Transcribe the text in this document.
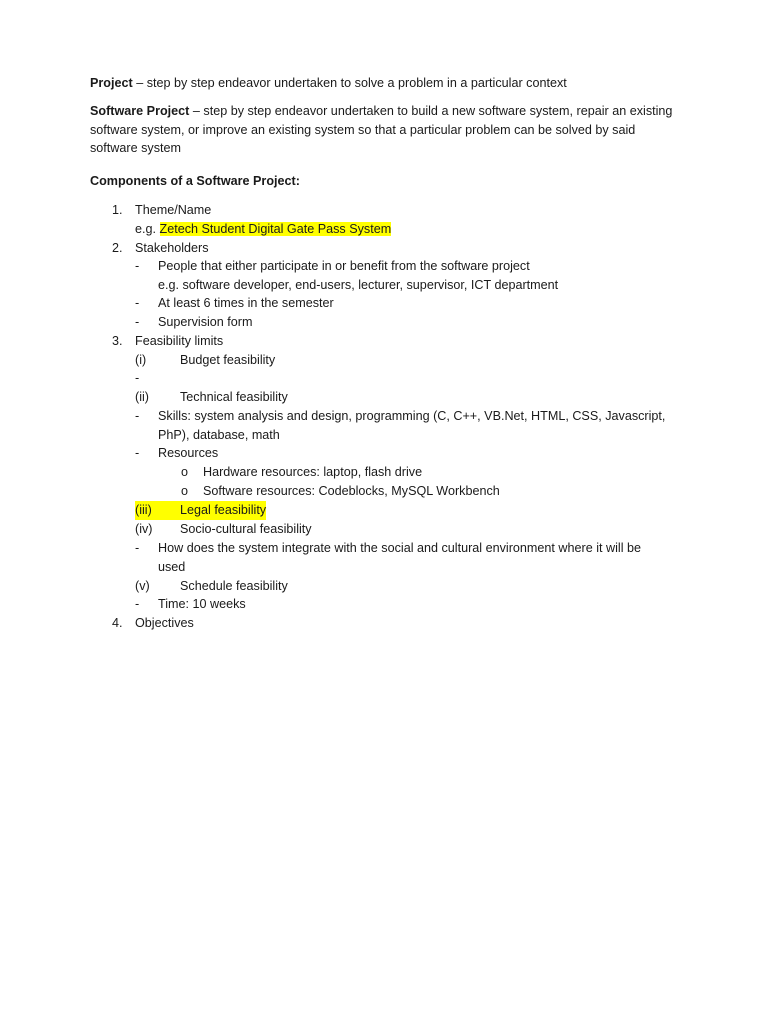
Project – step by step endeavor undertaken to solve a problem in a particular context

Software Project – step by step endeavor undertaken to build a new software system, repair an existing software system, or improve an existing system so that a particular problem can be solved by said software system

Components of a Software Project:

1. Theme/Name
e.g. Zetech Student Digital Gate Pass System
2. Stakeholders
- People that either participate in or benefit from the software project
e.g. software developer, end-users, lecturer, supervisor, ICT department
- At least 6 times in the semester
- Supervision form
3. Feasibility limits
(i)	Budget feasibility
-
(ii) Technical feasibility
- Skills: system analysis and design, programming (C, C++, VB.Net, HTML, CSS, Javascript, PhP), database, math
- Resources
o Hardware resources: laptop, flash drive
o Software resources: Codeblocks, MySQL Workbench
(iii) Legal feasibility

(iv) Socio-cultural feasibility
- How does the system integrate with the social and cultural environment where it will be used
(v) Schedule feasibility
- Time: 10 weeks
4. Objectives
